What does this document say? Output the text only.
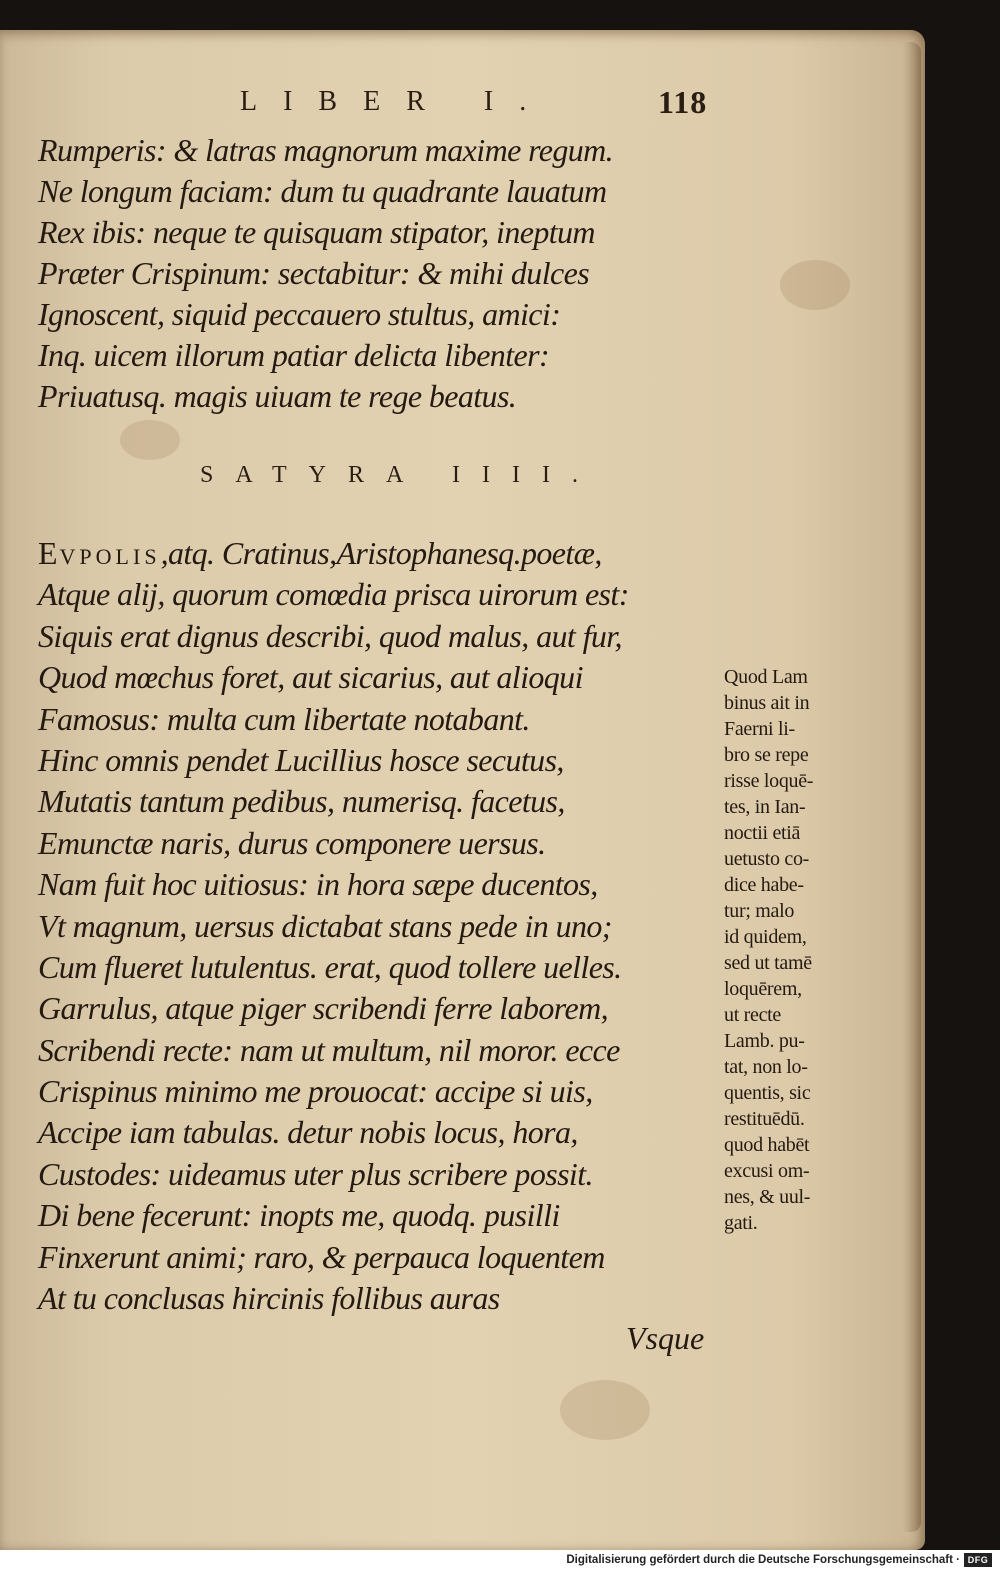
LIBER I.	118
Rumperis: & latras magnorum maxime regum.
Ne longum faciam: dum tu quadrante lauatum
Rex ibis: neque te quisquam stipator, ineptum
Præter Crispinum: sectabitur: & mihi dulces
Ignoscent, siquid peccauero stultus, amici:
Inq. uicem illorum patiar delicta libenter:
Priuatusq. magis uiuam te rege beatus.
SATYRA IIII.
EVPOLIS,atq. Cratinus,Aristophanesq.poetæ,
Atque alij, quorum comœdia prisca uirorum est:
Siquis erat dignus describi, quod malus, aut fur,
Quod mœchus foret, aut sicarius, aut alioqui
Famosus: multa cum libertate notabant.
Hinc omnis pendet Lucillius hosce secutus,
Mutatis tantum pedibus, numerisq. facetus,
Emunctæ naris, durus componere uersus.
Nam fuit hoc uitiosus: in hora sæpe ducentos,
Vt magnum, uersus dictabat stans pede in uno;
Cum flueret lutulentus. erat, quod tollere uelles.
Garrulus, atque piger scribendi ferre laborem,
Scribendi recte: nam ut multum, nil moror. ecce
Crispinus minimo me prouocat: accipe si uis,
Accipe iam tabulas. detur nobis locus, hora,
Custodes: uideamus uter plus scribere possit.
Di bene fecerunt: inopts me, quodq. pusilli
Finxerunt animi; raro, & perpauca loquentem
At tu conclusas hircinis follibus auras
Quod Lam
binus ait in
Faerni li-
bro se repe
risse loquē-
tes, in Ian-
noctii etiā
uetusto co-
dice habe-
tur; malo
id quidem,
sed ut tamē
loquērem,
ut recte
Lamb. pu-
tat, non lo-
quentis, sic
restituēdū.
quod habēt
excusi om-
nes, & uul-
gati.
Vsque
Digitalisierung gefördert durch die Deutsche Forschungsgemeinschaft · DFG
